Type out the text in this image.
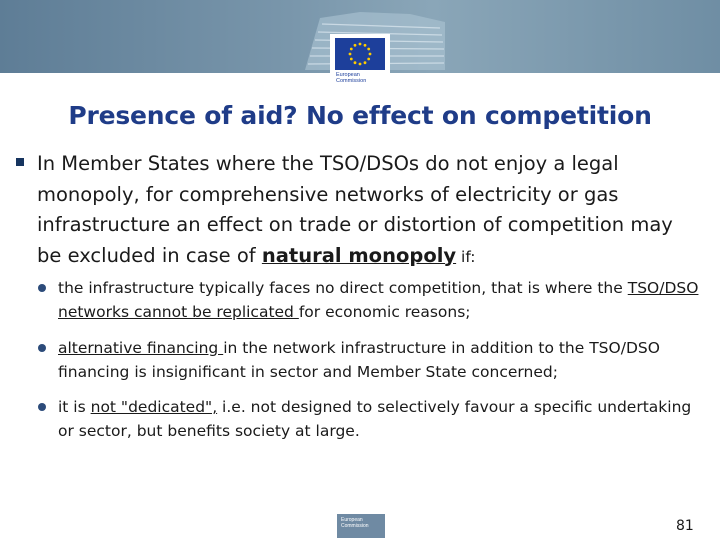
European
Commission
Presence of aid? No effect on competition
In Member States where the TSO/DSOs do not enjoy a legal monopoly, for comprehensive networks of electricity or gas infrastructure an effect on trade or distortion of competition may be excluded in case of natural monopoly if:
the infrastructure typically faces no direct competition, that is where the TSO/DSO networks cannot be replicated for economic reasons;
alternative financing in the network infrastructure in addition to the TSO/DSO financing is insignificant in sector and Member State concerned;
it is not "dedicated", i.e. not designed to selectively favour a specific undertaking or sector, but benefits society at large.
European Commission	81
